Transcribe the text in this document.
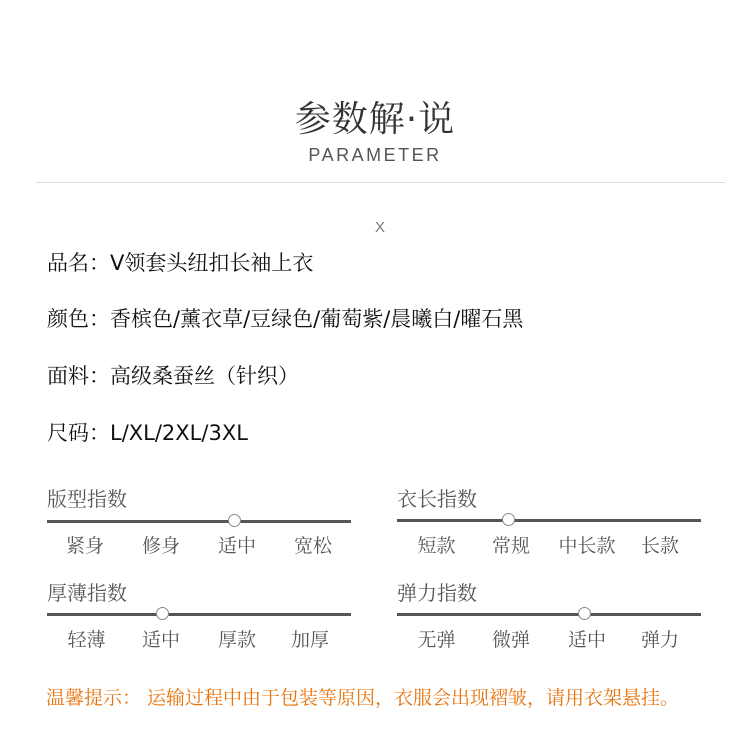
参数解·说
PARAMETER
X
品名：V领套头纽扣长袖上衣
颜色：香槟色/薰衣草/豆绿色/葡萄紫/晨曦白/曜石黑
面料：高级桑蚕丝（针织）
尺码：L/XL/2XL/3XL
版型指数
紧身 修身 适中 宽松
衣长指数
短款 常规 中长款 长款
厚薄指数
轻薄 适中 厚款 加厚
弹力指数
无弹 微弹 适中 弹力
温馨提示： 运输过程中由于包装等原因，衣服会出现褶皱，请用衣架悬挂。
